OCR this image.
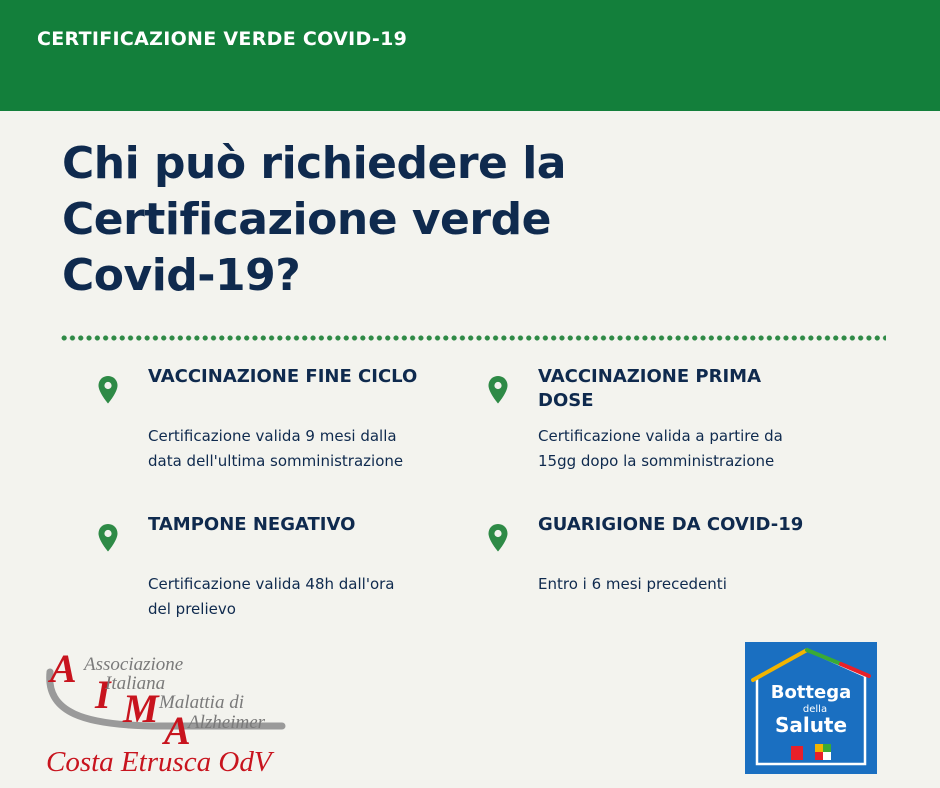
CERTIFICAZIONE VERDE COVID-19
Chi può richiedere la
Certificazione verde
Covid-19?
VACCINAZIONE FINE CICLO
Certificazione valida 9 mesi dalla
data dell'ultima somministrazione
VACCINAZIONE PRIMA
DOSE
Certificazione valida a partire da
15gg dopo la somministrazione
TAMPONE NEGATIVO
Certificazione valida 48h dall'ora
del prelievo
GUARIGIONE DA COVID-19
Entro i 6 mesi precedenti
A
I M A
Associazione
Italiana
Malattia di
Alzheimer
Costa Etrusca OdV
Bottega
della
Salute
